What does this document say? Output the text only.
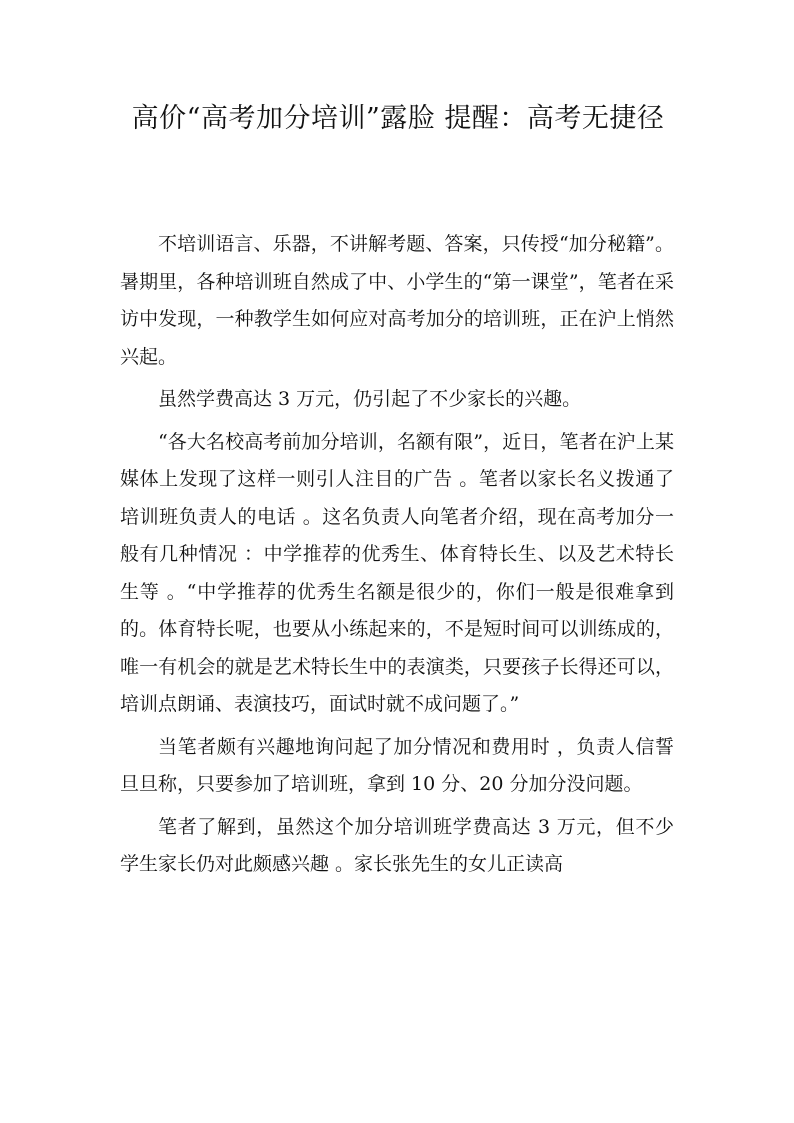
高价“高考加分培训”露脸 提醒：高考无捷径

不培训语言、乐器，不讲解考题、答案，只传授“加分秘籍”。暑期里，各种培训班自然成了中、小学生的“第一课堂”，笔者在采访中发现，一种教学生如何应对高考加分的培训班，正在沪上悄然兴起。

虽然学费高达 3 万元，仍引起了不少家长的兴趣。

“各大名校高考前加分培训，名额有限”，近日，笔者在沪上某媒体上发现了这样一则引人注目的广告 。笔者以家长名义拨通了培训班负责人的电话 。这名负责人向笔者介绍，现在高考加分一般有几种情况 ：中学推荐的优秀生、体育特长生、以及艺术特长生等 。“中学推荐的优秀生名额是很少的，你们一般是很难拿到的。体育特长呢，也要从小练起来的，不是短时间可以训练成的，唯一有机会的就是艺术特长生中的表演类，只要孩子长得还可以，培训点朗诵、表演技巧，面试时就不成问题了。”

当笔者颇有兴趣地询问起了加分情况和费用时 ，负责人信誓旦旦称，只要参加了培训班，拿到 10 分、20 分加分没问题。

笔者了解到，虽然这个加分培训班学费高达 3 万元，但不少学生家长仍对此颇感兴趣 。家长张先生的女儿正读高
